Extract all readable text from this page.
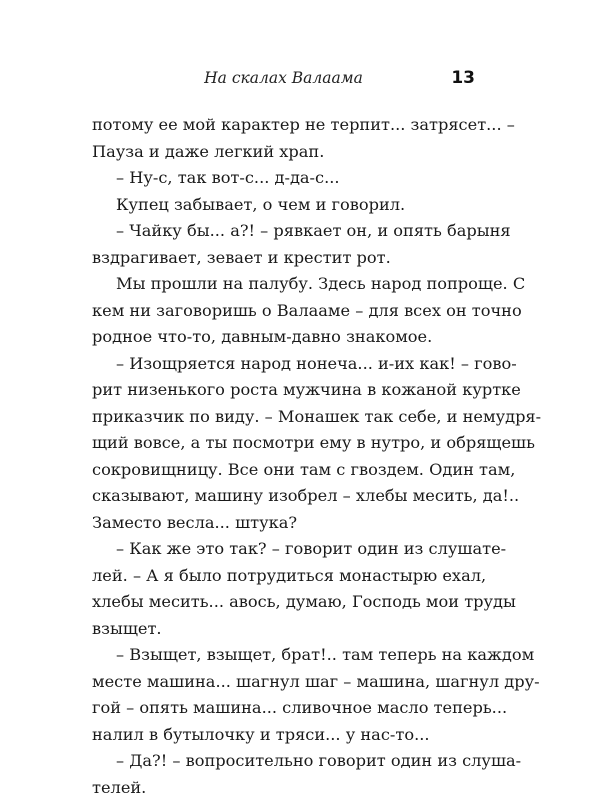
На скалах Валаама	13
потому ее мой карактер не терпит... затрясет... –
Пауза и даже легкий храп.
– Ну-с, так вот-с... д-да-с...
Купец забывает, о чем и говорил.
– Чайку бы... а?! – рявкает он, и опять барыня
вздрагивает, зевает и крестит рот.
Мы прошли на палубу. Здесь народ попроще. С
кем ни заговоришь о Валааме – для всех он точно
родное что-то, давным-давно знакомое.
– Изощряется народ нонеча... и-их как! – гово-
рит низенького роста мужчина в кожаной куртке
приказчик по виду. – Монашек так себе, и немудря-
щий вовсе, а ты посмотри ему в нутро, и обрящешь
сокровищницу. Все они там с гвоздем. Один там,
сказывают, машину изобрел – хлебы месить, да!..
Заместо весла... штука?
– Как же это так? – говорит один из слушате-
лей. – А я было потрудиться монастырю ехал,
хлебы месить... авось, думаю, Господь мои труды
взыщет.
– Взыщет, взыщет, брат!.. там теперь на каждом
месте машина... шагнул шаг – машина, шагнул дру-
гой – опять машина... сливочное масло теперь...
налил в бутылочку и тряси... у нас-то...
– Да?! – вопросительно говорит один из слуша-
телей.
